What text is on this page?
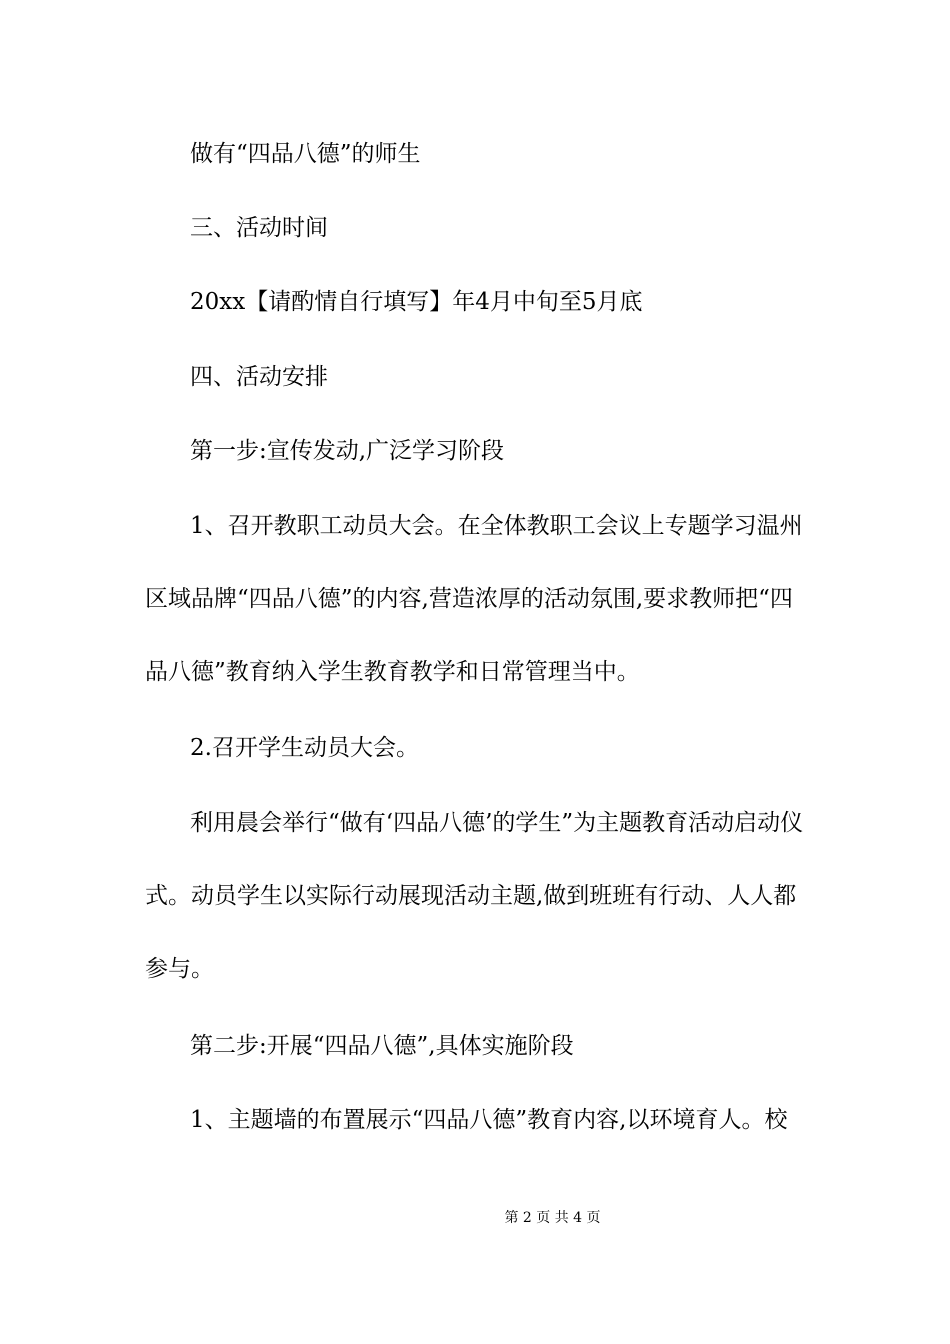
做有“四品八德”的师生

三、活动时间

20xx【请酌情自行填写】年4月中旬至5月底

四、活动安排

第一步:宣传发动,广泛学习阶段

1、召开教职工动员大会。在全体教职工会议上专题学习温州区域品牌“四品八德”的内容,营造浓厚的活动氛围,要求教师把“四品八德”教育纳入学生教育教学和日常管理当中。

2.召开学生动员大会。

利用晨会举行“做有‘四品八德’的学生”为主题教育活动启动仪式。动员学生以实际行动展现活动主题,做到班班有行动、人人都参与。

第二步:开展“四品八德”,具体实施阶段

1、主题墙的布置展示“四品八德”教育内容,以环境育人。校

第 2 页 共 4 页
